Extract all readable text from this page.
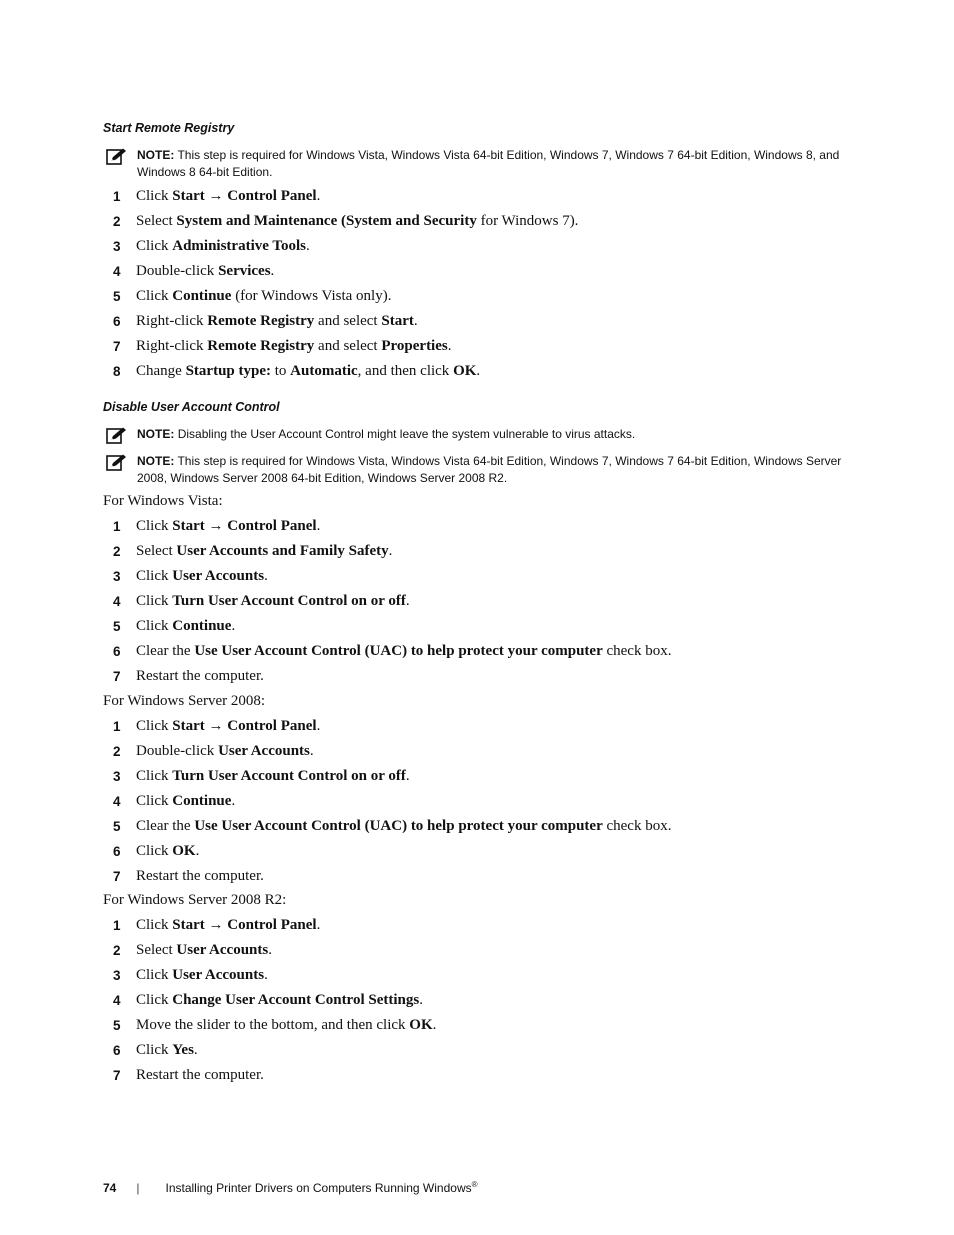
Start Remote Registry
NOTE: This step is required for Windows Vista, Windows Vista 64-bit Edition, Windows 7, Windows 7 64-bit Edition, Windows 8, and Windows 8 64-bit Edition.
1	Click Start → Control Panel.
2	Select System and Maintenance (System and Security for Windows 7).
3	Click Administrative Tools.
4	Double-click Services.
5	Click Continue (for Windows Vista only).
6	Right-click Remote Registry and select Start.
7	Right-click Remote Registry and select Properties.
8	Change Startup type: to Automatic, and then click OK.
Disable User Account Control
NOTE: Disabling the User Account Control might leave the system vulnerable to virus attacks.
NOTE: This step is required for Windows Vista, Windows Vista 64-bit Edition, Windows 7, Windows 7 64-bit Edition, Windows Server 2008, Windows Server 2008 64-bit Edition, Windows Server 2008 R2.
For Windows Vista:
1	Click Start → Control Panel.
2	Select User Accounts and Family Safety.
3	Click User Accounts.
4	Click Turn User Account Control on or off.
5	Click Continue.
6	Clear the Use User Account Control (UAC) to help protect your computer check box.
7	Restart the computer.
For Windows Server 2008:
1	Click Start → Control Panel.
2	Double-click User Accounts.
3	Click Turn User Account Control on or off.
4	Click Continue.
5	Clear the Use User Account Control (UAC) to help protect your computer check box.
6	Click OK.
7	Restart the computer.
For Windows Server 2008 R2:
1	Click Start → Control Panel.
2	Select User Accounts.
3	Click User Accounts.
4	Click Change User Account Control Settings.
5	Move the slider to the bottom, and then click OK.
6	Click Yes.
7	Restart the computer.
74 | Installing Printer Drivers on Computers Running Windows®
